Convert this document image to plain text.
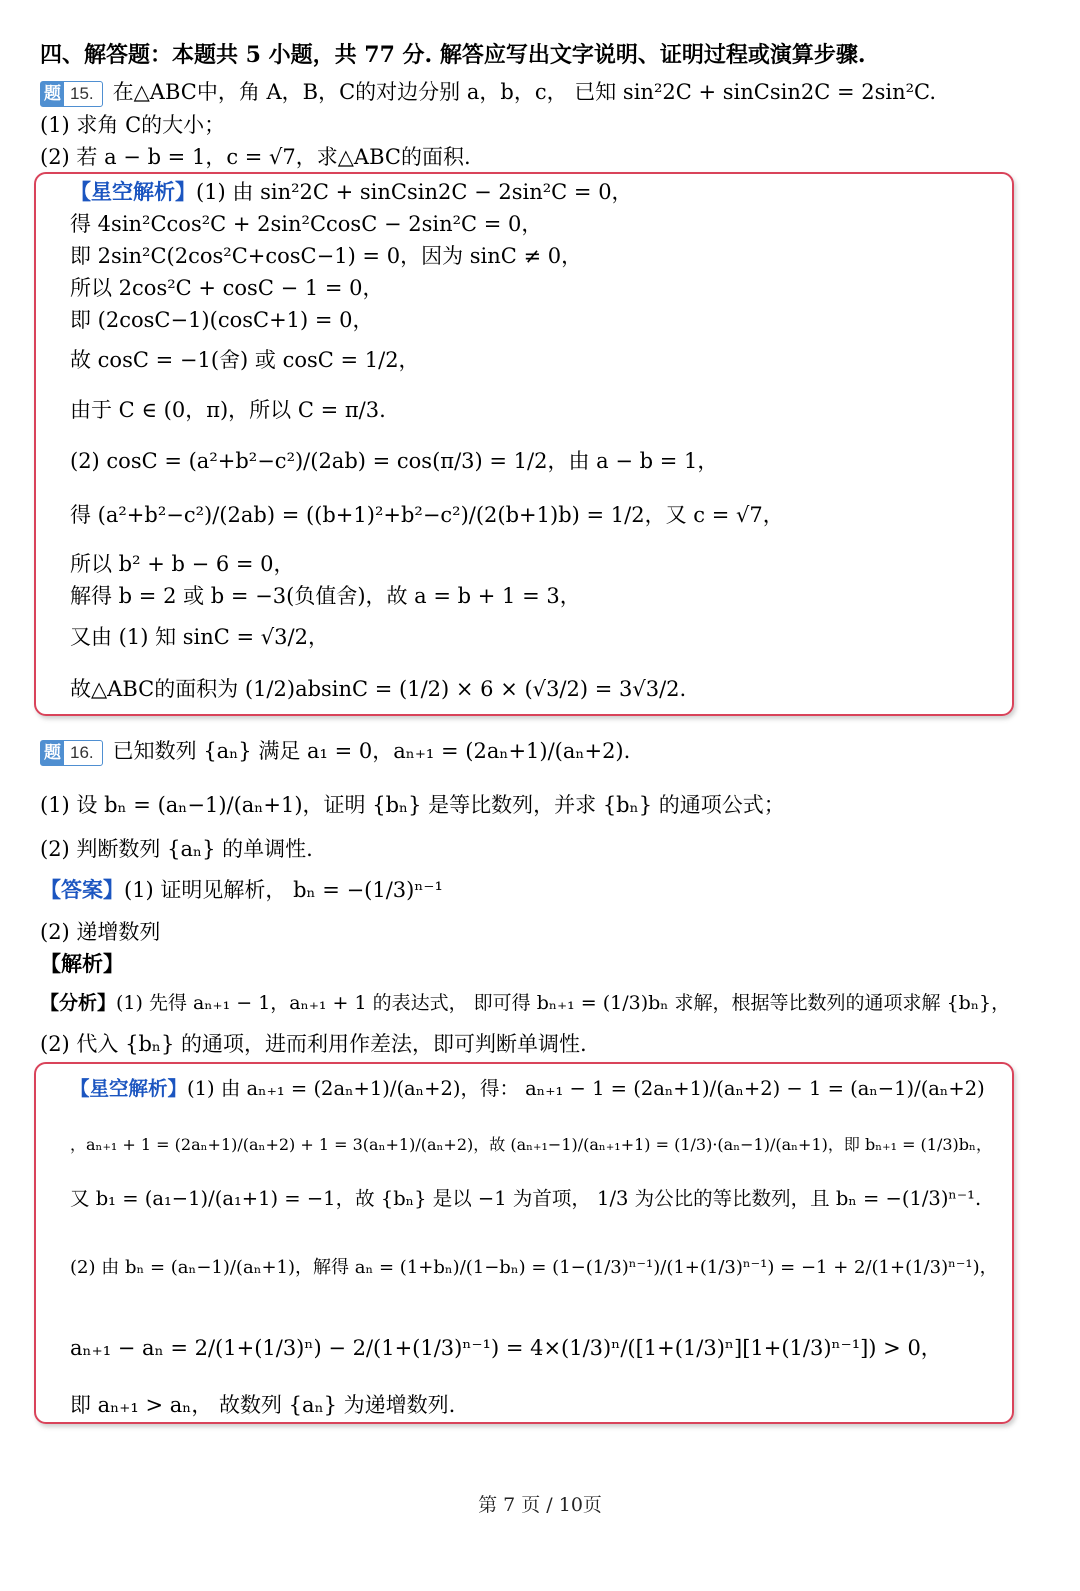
四、解答题：本题共 5 小题，共 77 分. 解答应写出文字说明、证明过程或演算步骤.
题 15. 在△ABC中，角 A，B，C的对边分别 a，b，c， 已知 sin²2C + sinCsin2C = 2sin²C.
(1) 求角 C的大小；
(2) 若 a − b = 1，c = √7，求△ABC的面积.
【星空解析】(1) 由 sin²2C + sinCsin2C − 2sin²C = 0，
得 4sin²Ccos²C + 2sin²CcosC − 2sin²C = 0，
即 2sin²C(2cos²C+cosC−1) = 0，因为 sinC ≠ 0，
所以 2cos²C + cosC − 1 = 0，
即 (2cosC−1)(cosC+1) = 0，
故 cosC = −1(舍) 或 cosC = 1/2，
由于 C ∈ (0，π)，所以 C = π/3.
(2) cosC = (a²+b²−c²)/(2ab) = cos(π/3) = 1/2，由 a − b = 1，
得 (a²+b²−c²)/(2ab) = ((b+1)²+b²−c²)/(2(b+1)b) = 1/2，又 c = √7，
所以 b² + b − 6 = 0，
解得 b = 2 或 b = −3(负值舍)，故 a = b + 1 = 3，
又由 (1) 知 sinC = √3/2，
故△ABC的面积为 (1/2)absinC = (1/2) × 6 × (√3/2) = 3√3/2.
题 16. 已知数列 {aₙ} 满足 a₁ = 0，aₙ₊₁ = (2aₙ+1)/(aₙ+2).
(1) 设 bₙ = (aₙ−1)/(aₙ+1)，证明 {bₙ} 是等比数列，并求 {bₙ} 的通项公式；
(2) 判断数列 {aₙ} 的单调性.
【答案】(1) 证明见解析， bₙ = −(1/3)ⁿ⁻¹
(2) 递增数列
【解析】
【分析】(1) 先得 aₙ₊₁ − 1，aₙ₊₁ + 1 的表达式， 即可得 bₙ₊₁ = (1/3)bₙ 求解，根据等比数列的通项求解 {bₙ}，
(2) 代入 {bₙ} 的通项，进而利用作差法，即可判断单调性.
【星空解析】(1) 由 aₙ₊₁ = (2aₙ+1)/(aₙ+2)，得： aₙ₊₁ − 1 = (2aₙ+1)/(aₙ+2) − 1 = (aₙ−1)/(aₙ+2)
，aₙ₊₁ + 1 = (2aₙ+1)/(aₙ+2) + 1 = 3(aₙ+1)/(aₙ+2)，故 (aₙ₊₁−1)/(aₙ₊₁+1) = (1/3)·(aₙ−1)/(aₙ+1)，即 bₙ₊₁ = (1/3)bₙ，
又 b₁ = (a₁−1)/(a₁+1) = −1，故 {bₙ} 是以 −1 为首项， 1/3 为公比的等比数列，且 bₙ = −(1/3)ⁿ⁻¹.
(2) 由 bₙ = (aₙ−1)/(aₙ+1)，解得 aₙ = (1+bₙ)/(1−bₙ) = (1−(1/3)ⁿ⁻¹)/(1+(1/3)ⁿ⁻¹) = −1 + 2/(1+(1/3)ⁿ⁻¹)，
aₙ₊₁ − aₙ = 2/(1+(1/3)ⁿ) − 2/(1+(1/3)ⁿ⁻¹) = 4×(1/3)ⁿ/([1+(1/3)ⁿ][1+(1/3)ⁿ⁻¹]) > 0，
即 aₙ₊₁ > aₙ， 故数列 {aₙ} 为递增数列.
第 7 页 / 10页
